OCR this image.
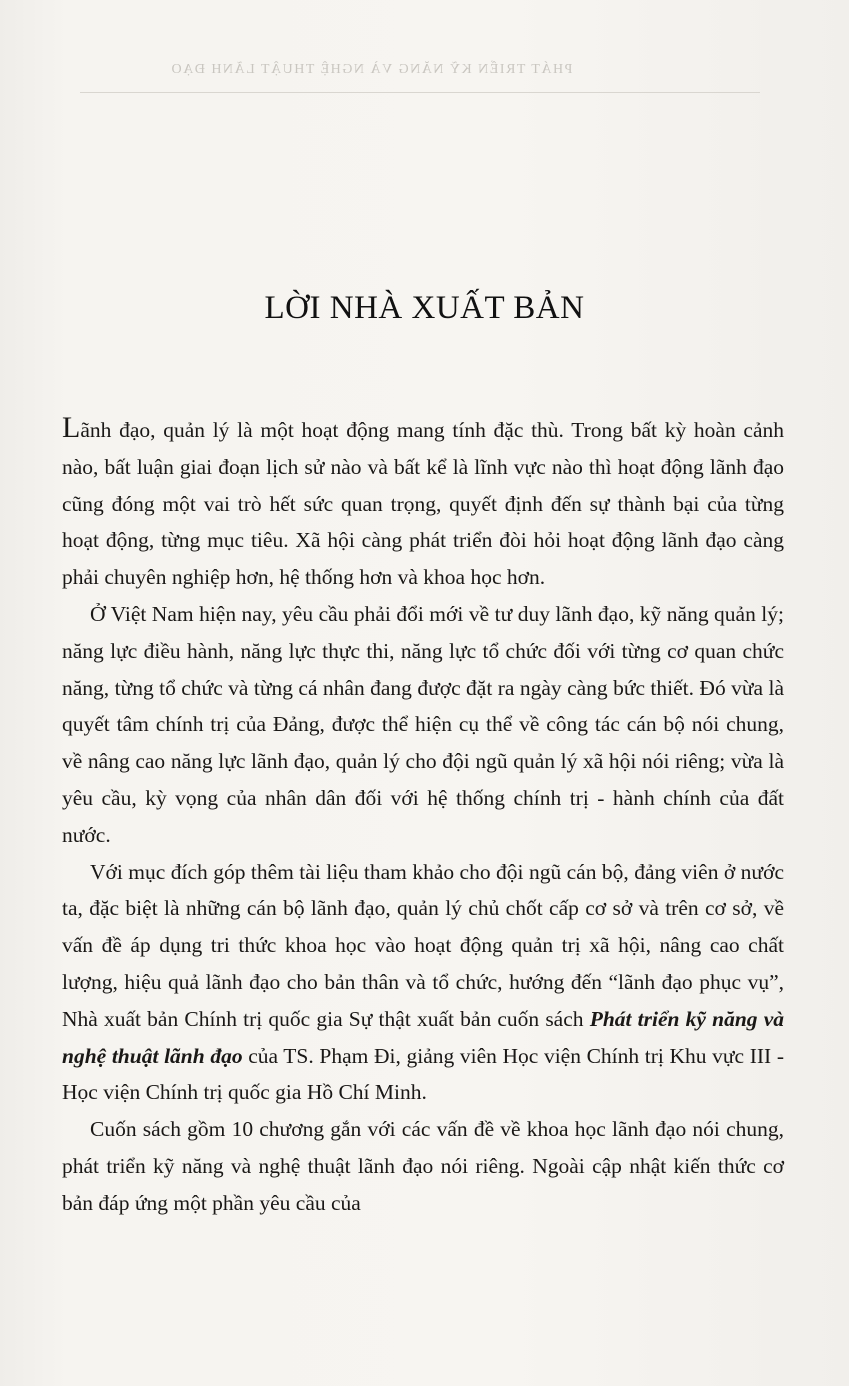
PHÁT TRIỂN KỸ NĂNG VÀ NGHỆ THUẬT LÃNH ĐẠO
LỜI NHÀ XUẤT BẢN

Lãnh đạo, quản lý là một hoạt động mang tính đặc thù. Trong bất kỳ hoàn cảnh nào, bất luận giai đoạn lịch sử nào và bất kể là lĩnh vực nào thì hoạt động lãnh đạo cũng đóng một vai trò hết sức quan trọng, quyết định đến sự thành bại của từng hoạt động, từng mục tiêu. Xã hội càng phát triển đòi hỏi hoạt động lãnh đạo càng phải chuyên nghiệp hơn, hệ thống hơn và khoa học hơn.

Ở Việt Nam hiện nay, yêu cầu phải đổi mới về tư duy lãnh đạo, kỹ năng quản lý; năng lực điều hành, năng lực thực thi, năng lực tổ chức đối với từng cơ quan chức năng, từng tổ chức và từng cá nhân đang được đặt ra ngày càng bức thiết. Đó vừa là quyết tâm chính trị của Đảng, được thể hiện cụ thể về công tác cán bộ nói chung, về nâng cao năng lực lãnh đạo, quản lý cho đội ngũ quản lý xã hội nói riêng; vừa là yêu cầu, kỳ vọng của nhân dân đối với hệ thống chính trị - hành chính của đất nước.

Với mục đích góp thêm tài liệu tham khảo cho đội ngũ cán bộ, đảng viên ở nước ta, đặc biệt là những cán bộ lãnh đạo, quản lý chủ chốt cấp cơ sở và trên cơ sở, về vấn đề áp dụng tri thức khoa học vào hoạt động quản trị xã hội, nâng cao chất lượng, hiệu quả lãnh đạo cho bản thân và tổ chức, hướng đến “lãnh đạo phục vụ”, Nhà xuất bản Chính trị quốc gia Sự thật xuất bản cuốn sách Phát triển kỹ năng và nghệ thuật lãnh đạo của TS. Phạm Đi, giảng viên Học viện Chính trị Khu vực III - Học viện Chính trị quốc gia Hồ Chí Minh.

Cuốn sách gồm 10 chương gắn với các vấn đề về khoa học lãnh đạo nói chung, phát triển kỹ năng và nghệ thuật lãnh đạo nói riêng. Ngoài cập nhật kiến thức cơ bản đáp ứng một phần yêu cầu của
